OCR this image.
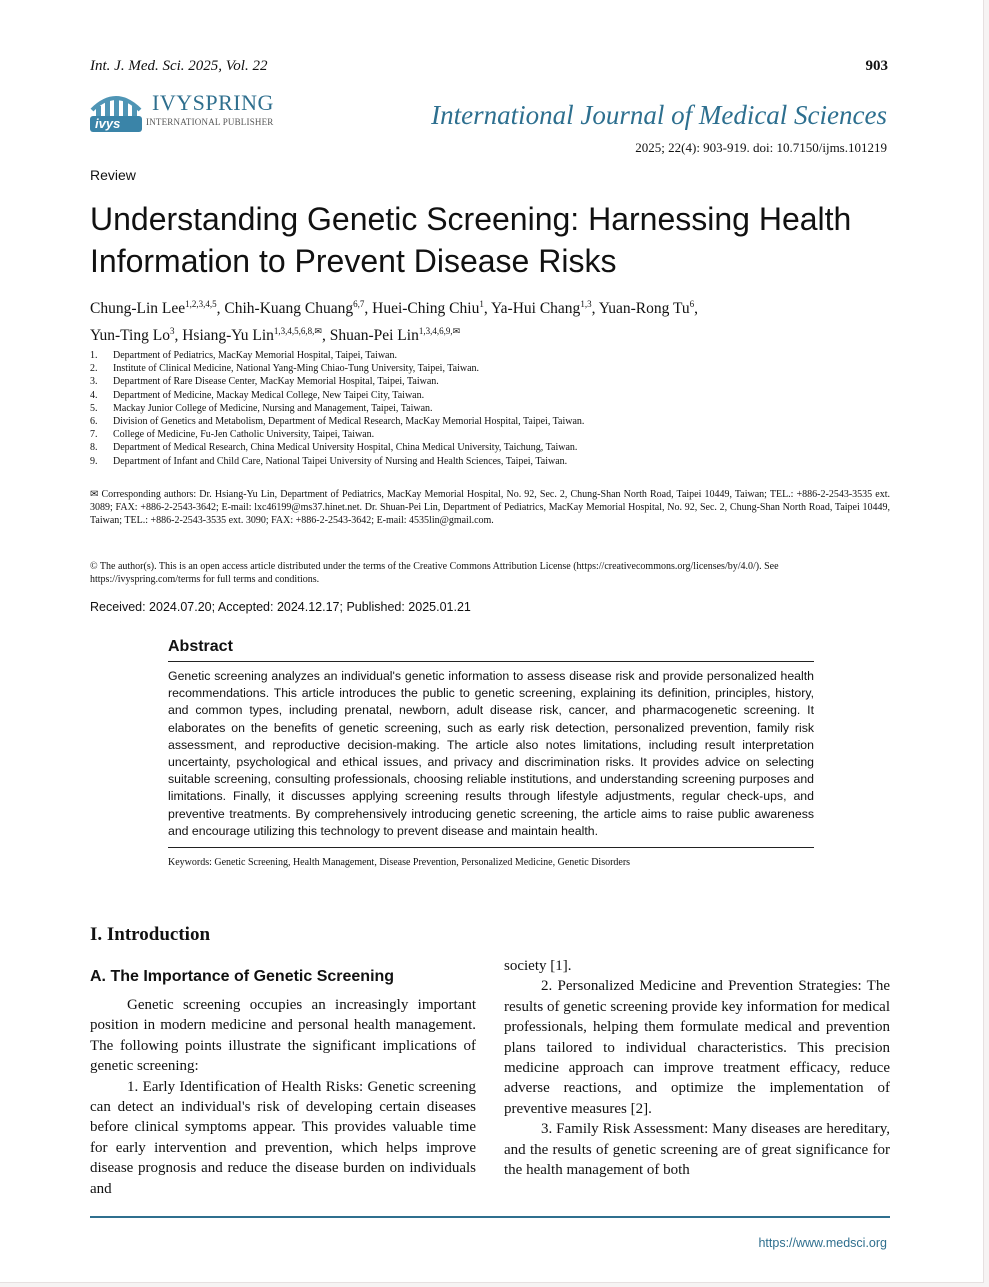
Int. J. Med. Sci. 2025, Vol. 22	903
ivys
IVYSPRING
INTERNATIONAL PUBLISHER	International Journal of Medical Sciences
2025; 22(4): 903-919. doi: 10.7150/ijms.101219
Review
Understanding Genetic Screening: Harnessing Health Information to Prevent Disease Risks
Chung-Lin Lee$^{1,2,3,4,5}$, Chih-Kuang Chuang$^{6,7}$, Huei-Ching Chiu$^1$, Ya-Hui Chang$^{1,3}$, Yuan-Rong Tu$^6$,
Yun-Ting Lo$^3$, Hsiang-Yu Lin$^{1,3,4,5,6,8,✉}$, Shuan-Pei Lin$^{1,3,4,6,9,✉}$
1.	Department of Pediatrics, MacKay Memorial Hospital, Taipei, Taiwan.
2.	Institute of Clinical Medicine, National Yang-Ming Chiao-Tung University, Taipei, Taiwan.
3.	Department of Rare Disease Center, MacKay Memorial Hospital, Taipei, Taiwan.
4.	Department of Medicine, Mackay Medical College, New Taipei City, Taiwan.
5.	Mackay Junior College of Medicine, Nursing and Management, Taipei, Taiwan.
6.	Division of Genetics and Metabolism, Department of Medical Research, MacKay Memorial Hospital, Taipei, Taiwan.
7.	College of Medicine, Fu-Jen Catholic University, Taipei, Taiwan.
8.	Department of Medical Research, China Medical University Hospital, China Medical University, Taichung, Taiwan.
9.	Department of Infant and Child Care, National Taipei University of Nursing and Health Sciences, Taipei, Taiwan.
✉ Corresponding authors: Dr. Hsiang-Yu Lin, Department of Pediatrics, MacKay Memorial Hospital, No. 92, Sec. 2, Chung-Shan North Road, Taipei 10449, Taiwan; TEL.: +886-2-2543-3535 ext. 3089; FAX: +886-2-2543-3642; E-mail: lxc46199@ms37.hinet.net. Dr. Shuan-Pei Lin, Department of Pediatrics, MacKay Memorial Hospital, No. 92, Sec. 2, Chung-Shan North Road, Taipei 10449, Taiwan; TEL.: +886-2-2543-3535 ext. 3090; FAX: +886-2-2543-3642; E-mail: 4535lin@gmail.com.
© The author(s). This is an open access article distributed under the terms of the Creative Commons Attribution License (https://creativecommons.org/licenses/by/4.0/). See https://ivyspring.com/terms for full terms and conditions.
Received: 2024.07.20; Accepted: 2024.12.17; Published: 2025.01.21
Abstract
Genetic screening analyzes an individual's genetic information to assess disease risk and provide personalized health recommendations. This article introduces the public to genetic screening, explaining its definition, principles, history, and common types, including prenatal, newborn, adult disease risk, cancer, and pharmacogenetic screening. It elaborates on the benefits of genetic screening, such as early risk detection, personalized prevention, family risk assessment, and reproductive decision-making. The article also notes limitations, including result interpretation uncertainty, psychological and ethical issues, and privacy and discrimination risks. It provides advice on selecting suitable screening, consulting professionals, choosing reliable institutions, and understanding screening purposes and limitations. Finally, it discusses applying screening results through lifestyle adjustments, regular check-ups, and preventive treatments. By comprehensively introducing genetic screening, the article aims to raise public awareness and encourage utilizing this technology to prevent disease and maintain health.
Keywords: Genetic Screening, Health Management, Disease Prevention, Personalized Medicine, Genetic Disorders
I. Introduction
A. The Importance of Genetic Screening

Genetic screening occupies an increasingly important position in modern medicine and personal health management. The following points illustrate the significant implications of genetic screening:

1. Early Identification of Health Risks: Genetic screening can detect an individual's risk of developing certain diseases before clinical symptoms appear. This provides valuable time for early intervention and prevention, which helps improve disease prognosis and reduce the disease burden on individuals and

society [1].

2. Personalized Medicine and Prevention Strategies: The results of genetic screening provide key information for medical professionals, helping them formulate medical and prevention plans tailored to individual characteristics. This precision medicine approach can improve treatment efficacy, reduce adverse reactions, and optimize the implementation of preventive measures [2].

3. Family Risk Assessment: Many diseases are hereditary, and the results of genetic screening are of great significance for the health management of both

https://www.medsci.org
